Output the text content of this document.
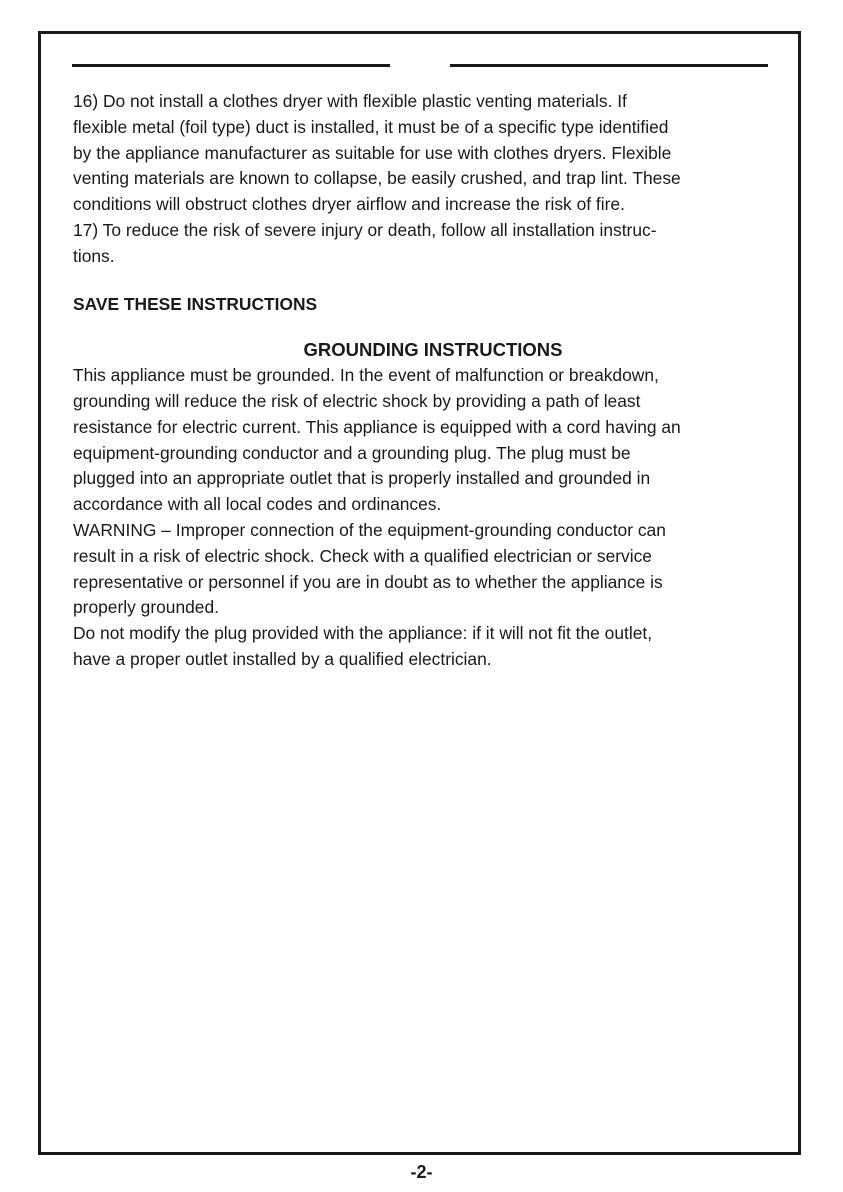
16) Do not install a clothes dryer with flexible plastic venting materials. If

flexible metal (foil type) duct is installed, it must be of a specific type identified

by the appliance manufacturer as suitable for use with clothes dryers. Flexible

venting materials are known to collapse, be easily crushed, and trap lint. These

conditions will obstruct clothes dryer airflow and increase the risk of fire.

17) To reduce the risk of severe injury or death, follow all installation instruc-

tions.

SAVE THESE INSTRUCTIONS

GROUNDING INSTRUCTIONS

This appliance must be grounded. In the event of malfunction or breakdown,

grounding will reduce the risk of electric shock by providing a path of least

resistance for electric current. This appliance is equipped with a cord having an

equipment-grounding conductor and a grounding plug. The plug must be

plugged into an appropriate outlet that is properly installed and grounded in

accordance with all local codes and ordinances.

WARNING – Improper connection of the equipment-grounding conductor can

result in a risk of electric shock. Check with a qualified electrician or service

representative or personnel if you are in doubt as to whether the appliance is

properly grounded.

Do not modify the plug provided with the appliance: if it will not fit the outlet,

have a proper outlet installed by a qualified electrician.

-2-
